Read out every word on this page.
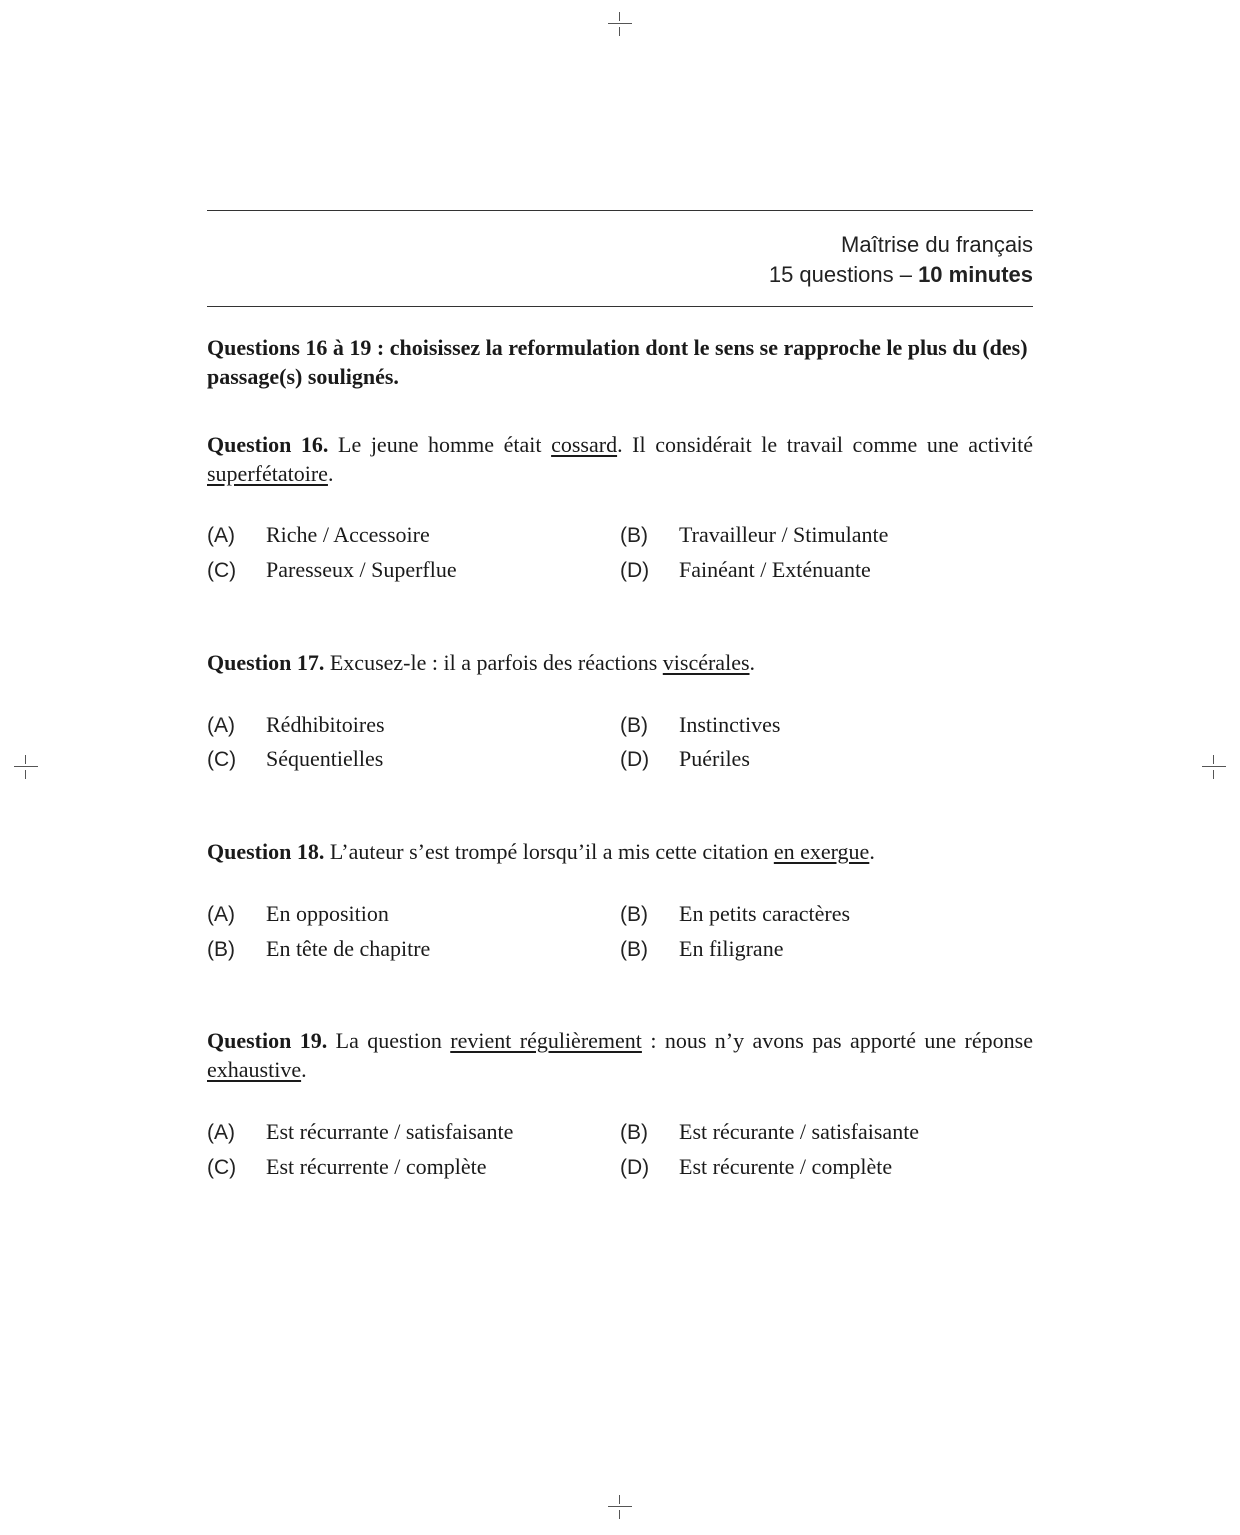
Maîtrise du français
15 questions – 10 minutes
Questions 16 à 19 : choisissez la reformulation dont le sens se rapproche le plus du (des) passage(s) soulignés.
Question 16. Le jeune homme était cossard. Il considérait le travail comme une activité superfétatoire.
(A) Riche / Accessoire	(B) Travailleur / Stimulante
(C) Paresseux / Superflue	(D) Fainéant / Exténuante
Question 17. Excusez-le : il a parfois des réactions viscérales.
(A) Rédhibitoires	(B) Instinctives
(C) Séquentielles	(D) Puériles
Question 18. L’auteur s’est trompé lorsqu’il a mis cette citation en exergue.
(A) En opposition	(B) En petits caractères
(B) En tête de chapitre	(B) En filigrane
Question 19. La question revient régulièrement : nous n’y avons pas apporté une réponse exhaustive.
(A) Est récurrante / satisfaisante	(B) Est récurante / satisfaisante
(C) Est récurrente / complète	(D) Est récurente / complète
